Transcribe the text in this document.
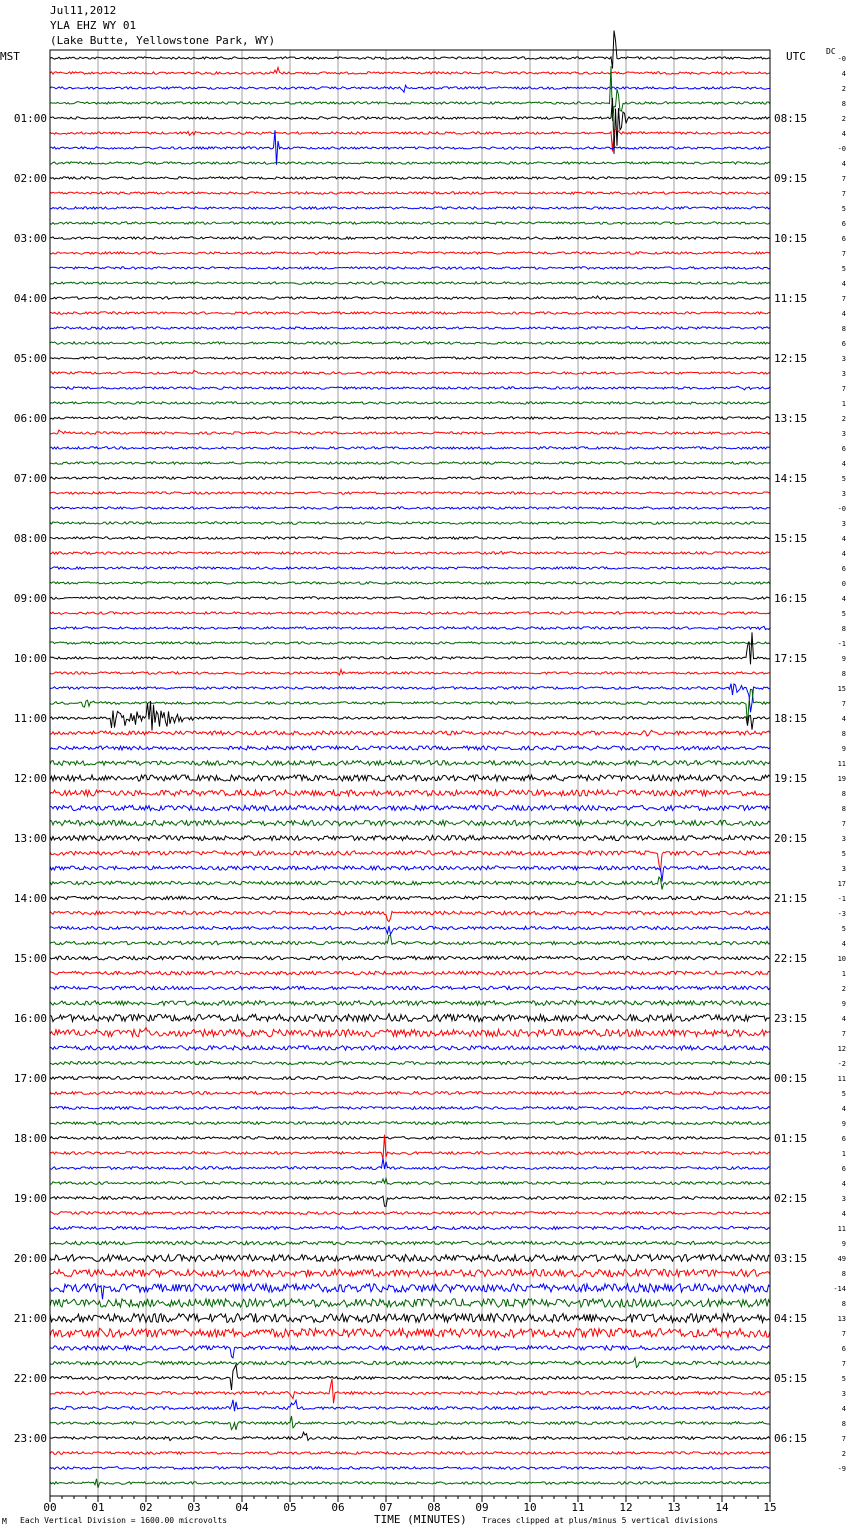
00	01	02	03	04	05	06	07	08	09	10	11	12	13	14	15
01:00
02:00
03:00
04:00
05:00
06:00
07:00
08:00
09:00
10:00
11:00
12:00
13:00
14:00
15:00
16:00
17:00
18:00
19:00
20:00
21:00
22:00
23:00
08:15
09:15
10:15
11:15
12:15
13:15
14:15
15:15
16:15
17:15
18:15
19:15
20:15
21:15
22:15
23:15
00:15
01:15
02:15
03:15
04:15
05:15
06:15
-0
4
2
8
2
4
-0
4
7
7
5
6
6
7
5
4
7
4
8
6
3
3
7
1
2
3
6
4
5
3
-0
3
4
4
6
0
4
5
8
-1
9
8
15
7
4
8
9
11
19
8
8
7
3
5
3
17
-1
-3
5
4
10
1
2
9
4
7
12
-2
11
5
4
9
6
1
6
4
3
4
11
9
49
8
-14
8
13
7
6
7
5
3
4
8
7
2
-9
Jul11,2012
YLA EHZ WY 01
(Lake Butte, Yellowstone Park, WY)
MST	UTC	DC
TIME (MINUTES)
M Each Vertical Division = 1600.00 microvolts	Traces clipped at plus/minus 5 vertical divisions
